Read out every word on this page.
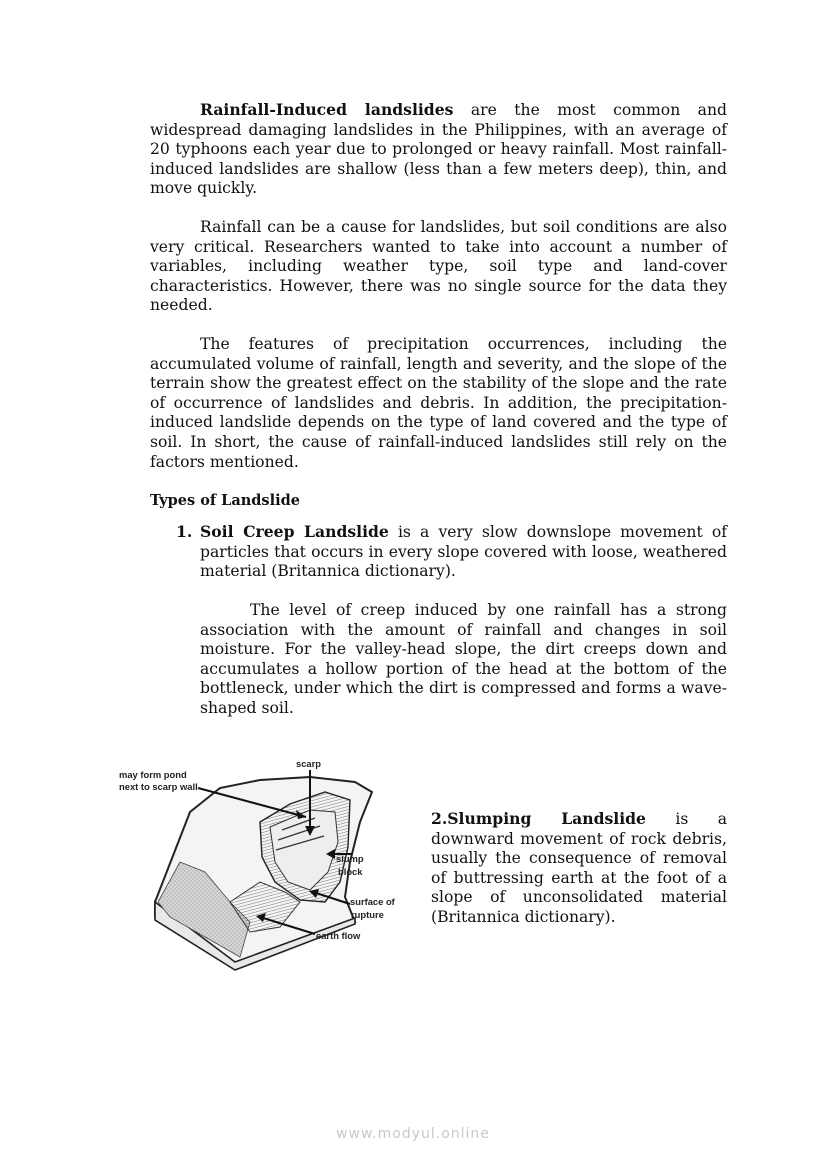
Rainfall-Induced landslides are the most common and widespread damaging landslides in the Philippines, with an average of 20 typhoons each year due to prolonged or heavy rainfall. Most rainfall-induced landslides are shallow (less than a few meters deep), thin, and move quickly.

Rainfall can be a cause for landslides, but soil conditions are also very critical. Researchers wanted to take into account a number of variables, including weather type, soil type and land-cover characteristics. However, there was no single source for the data they needed.

The features of precipitation occurrences, including the accumulated volume of rainfall, length and severity, and the slope of the terrain show the greatest effect on the stability of the slope and the rate of occurrence of landslides and debris. In addition, the precipitation-induced landslide depends on the type of land covered and the type of soil. In short, the cause of rainfall-induced landslides still rely on the factors mentioned.

Types of Landslide

1. Soil Creep Landslide is a very slow downslope movement of particles that occurs in every slope covered with loose, weathered material (Britannica dictionary).

The level of creep induced by one rainfall has a strong association with the amount of rainfall and changes in soil moisture. For the valley-head slope, the dirt creeps down and accumulates a hollow portion of the head at the bottom of the bottleneck, under which the dirt is compressed and forms a wave-shaped soil.

may form pond
next to scarp wall
scarp
slump
block
surface of
rupture
earth flow

2.Slumping Landslide is a downward movement of rock debris, usually the consequence of removal of buttressing earth at the foot of a slope of unconsolidated material (Britannica dictionary).

www.modyul.online
